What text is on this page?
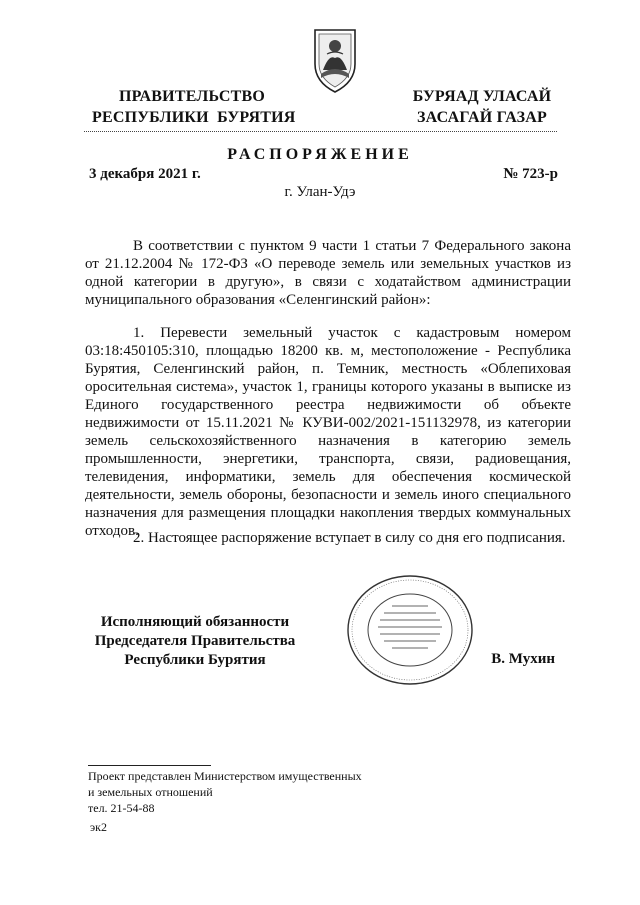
ПРАВИТЕЛЬСТВО
РЕСПУБЛИКИ  БУРЯТИЯ
БУРЯАД УЛАСАЙ
ЗАСАГАЙ ГАЗАР
РАСПОРЯЖЕНИЕ
3 декабря 2021 г.	№ 723-р
г. Улан-Удэ
В соответствии с пунктом 9 части 1 статьи 7 Федерального закона от 21.12.2004 № 172-ФЗ «О переводе земель или земельных участков из одной категории в другую», в связи с ходатайством администрации муниципального образования «Селенгинский район»:
1. Перевести земельный участок с кадастровым номером 03:18:450105:310, площадью 18200 кв. м, местоположение - Республика Бурятия, Селенгинский район, п. Темник, местность «Облепиховая оросительная система», участок 1, границы которого указаны в выписке из Единого государственного реестра недвижимости об объекте недвижимости от 15.11.2021 № КУВИ-002/2021-151132978, из категории земель сельскохозяйственного назначения в категорию земель промышленности, энергетики, транспорта, связи, радиовещания, телевидения, информатики, земель для обеспечения космической деятельности, земель обороны, безопасности и земель иного специального назначения для размещения площадки накопления твердых коммунальных отходов.
2. Настоящее распоряжение вступает в силу со дня его подписания.
Исполняющий обязанности
Председателя Правительства
Республики Бурятия	В. Мухин
Проект представлен Министерством имущественных
и земельных отношений
тел. 21-54-88
эк2
